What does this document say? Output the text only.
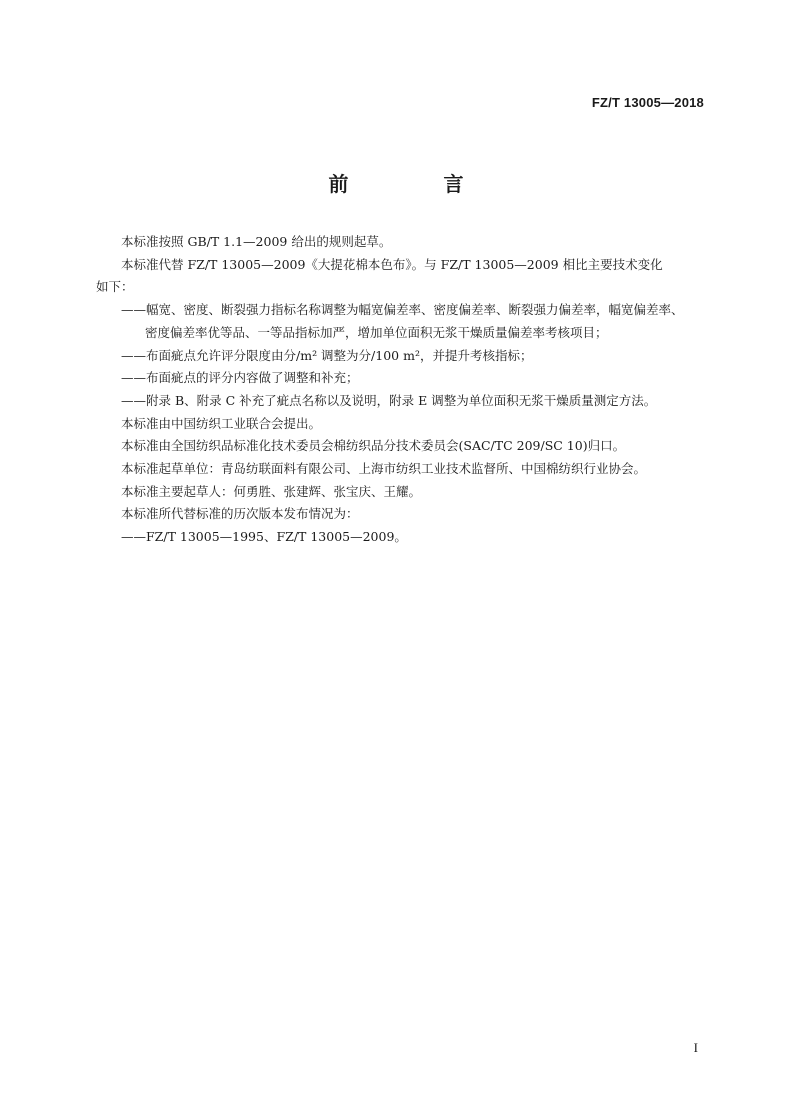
FZ/T 13005—2018
前 言
本标准按照 GB/T 1.1—2009 给出的规则起草。
本标准代替 FZ/T 13005—2009《大提花棉本色布》。与 FZ/T 13005—2009 相比主要技术变化
如下：
——幅宽、密度、断裂强力指标名称调整为幅宽偏差率、密度偏差率、断裂强力偏差率，幅宽偏差率、
密度偏差率优等品、一等品指标加严，增加单位面积无浆干燥质量偏差率考核项目；
——布面疵点允许评分限度由分/m² 调整为分/100 m²，并提升考核指标；
——布面疵点的评分内容做了调整和补充；
——附录 B、附录 C 补充了疵点名称以及说明，附录 E 调整为单位面积无浆干燥质量测定方法。
本标准由中国纺织工业联合会提出。
本标准由全国纺织品标准化技术委员会棉纺织品分技术委员会(SAC/TC 209/SC 10)归口。
本标准起草单位：青岛纺联面料有限公司、上海市纺织工业技术监督所、中国棉纺织行业协会。
本标准主要起草人：何勇胜、张建辉、张宝庆、王耀。
本标准所代替标准的历次版本发布情况为：
——FZ/T 13005—1995、FZ/T 13005—2009。
I
